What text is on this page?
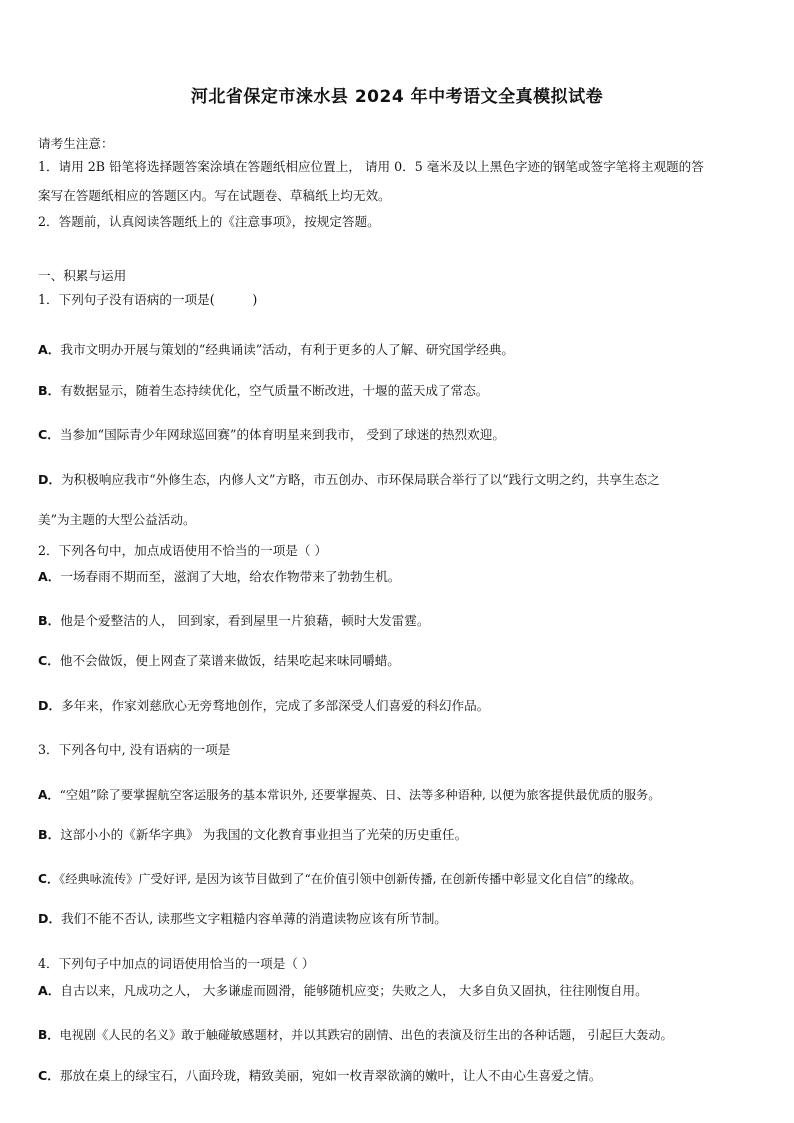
河北省保定市涞水县 2024 年中考语文全真模拟试卷
请考生注意：
1．请用 2B 铅笔将选择题答案涂填在答题纸相应位置上， 请用 0．5 毫米及以上黑色字迹的钢笔或签字笔将主观题的答
案写在答题纸相应的答题区内。写在试题卷、草稿纸上均无效。
2．答题前，认真阅读答题纸上的《注意事项》，按规定答题。
一、积累与运用
1．下列句子没有语病的一项是(　　　)
A．我市文明办开展与策划的“经典诵读”活动，有利于更多的人了解、研究国学经典。
B．有数据显示，随着生态持续优化，空气质量不断改进，十堰的蓝天成了常态。
C．当参加“国际青少年网球巡回赛”的体育明星来到我市， 受到了球迷的热烈欢迎。
D．为积极响应我市“外修生态，内修人文”方略，市五创办、市环保局联合举行了以“践行文明之约，共享生态之
美”为主题的大型公益活动。
2．下列各句中，加点成语使用不恰当的一项是（ ）
A．一场春雨不期而至，滋润了大地，给农作物带来了勃勃生机。
B．他是个爱整洁的人， 回到家，看到屋里一片狼藉，顿时大发雷霆。
C．他不会做饭，便上网查了菜谱来做饭，结果吃起来味同嚼蜡。
D．多年来，作家刘慈欣心无旁骛地创作，完成了多部深受人们喜爱的科幻作品。
3．下列各句中, 没有语病的一项是
A．“空姐”除了要掌握航空客运服务的基本常识外, 还要掌握英、日、法等多种语种, 以便为旅客提供最优质的服务。
B．这部小小的《新华字典》 为我国的文化教育事业担当了光荣的历史重任。
C．《经典咏流传》广受好评, 是因为该节目做到了“在价值引领中创新传播, 在创新传播中彰显文化自信”的缘故。
D．我们不能不否认, 读那些文字粗糙内容单薄的消遣读物应该有所节制。
4．下列句子中加点的词语使用恰当的一项是（ ）
A．自古以来，凡成功之人， 大多谦虚而圆滑，能够随机应变；失败之人， 大多自负又固执，往往刚愎自用。
B．电视剧《人民的名义》敢于触碰敏感题材，并以其跌宕的剧情、出色的表演及衍生出的各种话题， 引起巨大轰动。
C．那放在桌上的绿宝石，八面玲珑，精致美丽，宛如一枚青翠欲滴的嫩叶，让人不由心生喜爱之情。
